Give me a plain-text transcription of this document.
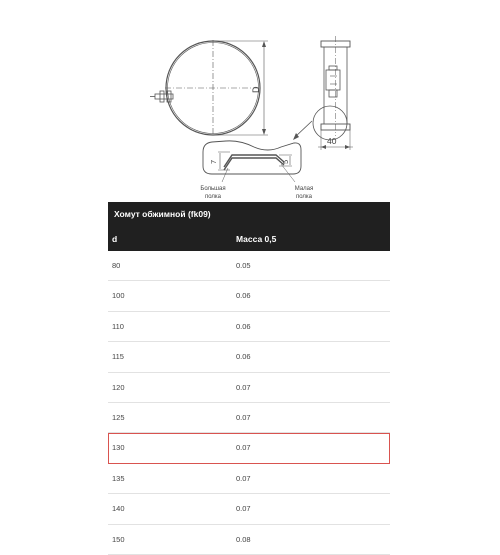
D
40
7	5
Большая
полка
Малая
полка
Хомут обжимной (fk09)
d	Масса 0,5
80	0.05
100	0.06
110	0.06
115	0.06
120	0.07
125	0.07
130	0.07
135	0.07
140	0.07
150	0.08
